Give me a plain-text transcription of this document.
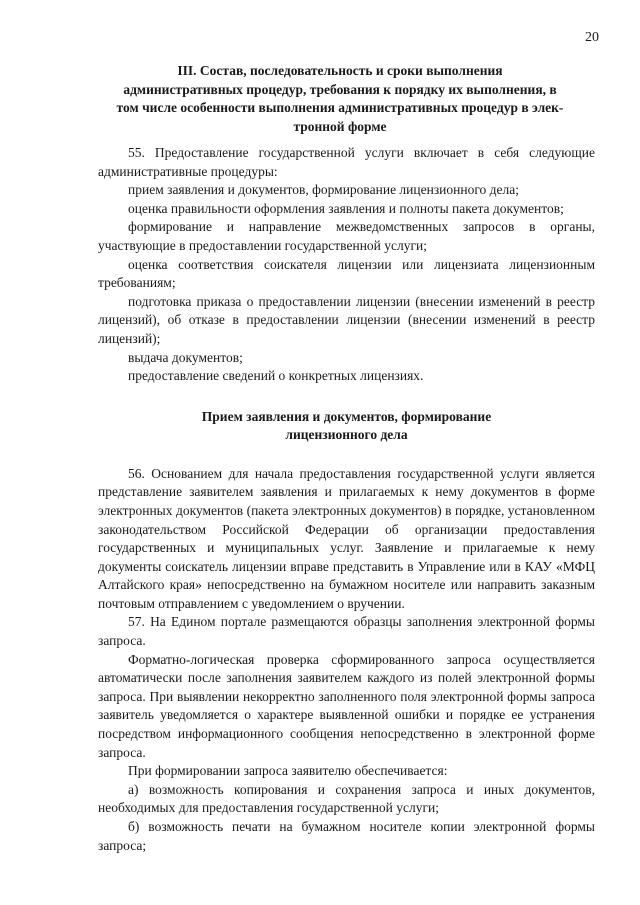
20
III. Состав, последовательность и сроки выполнения
административных процедур, требования к порядку их выполнения, в
том числе особенности выполнения административных процедур в элек-
тронной форме

55. Предоставление государственной услуги включает в себя следующие административные процедуры:

прием заявления и документов, формирование лицензионного дела;

оценка правильности оформления заявления и полноты пакета документов;

формирование и направление межведомственных запросов в органы, участвующие в предоставлении государственной услуги;

оценка соответствия соискателя лицензии или лицензиата лицензионным требованиям;

подготовка приказа о предоставлении лицензии (внесении изменений в реестр лицензий), об отказе в предоставлении лицензии (внесении изменений в реестр лицензий);

выдача документов;

предоставление сведений о конкретных лицензиях.

Прием заявления и документов, формирование
лицензионного дела

56. Основанием для начала предоставления государственной услуги является представление заявителем заявления и прилагаемых к нему документов в форме электронных документов (пакета электронных документов) в порядке, установленном законодательством Российской Федерации об организации предоставления государственных и муниципальных услуг. Заявление и прилагаемые к нему документы соискатель лицензии вправе представить в Управление или в КАУ «МФЦ Алтайского края» непосредственно на бумажном носителе или направить заказным почтовым отправлением с уведомлением о вручении.

57. На Едином портале размещаются образцы заполнения электронной формы запроса.

Форматно-логическая проверка сформированного запроса осуществляется автоматически после заполнения заявителем каждого из полей электронной формы запроса. При выявлении некорректно заполненного поля электронной формы запроса заявитель уведомляется о характере выявленной ошибки и порядке ее устранения посредством информационного сообщения непосредственно в электронной форме запроса.

При формировании запроса заявителю обеспечивается:

а) возможность копирования и сохранения запроса и иных документов, необходимых для предоставления государственной услуги;

б) возможность печати на бумажном носителе копии электронной формы запроса;
